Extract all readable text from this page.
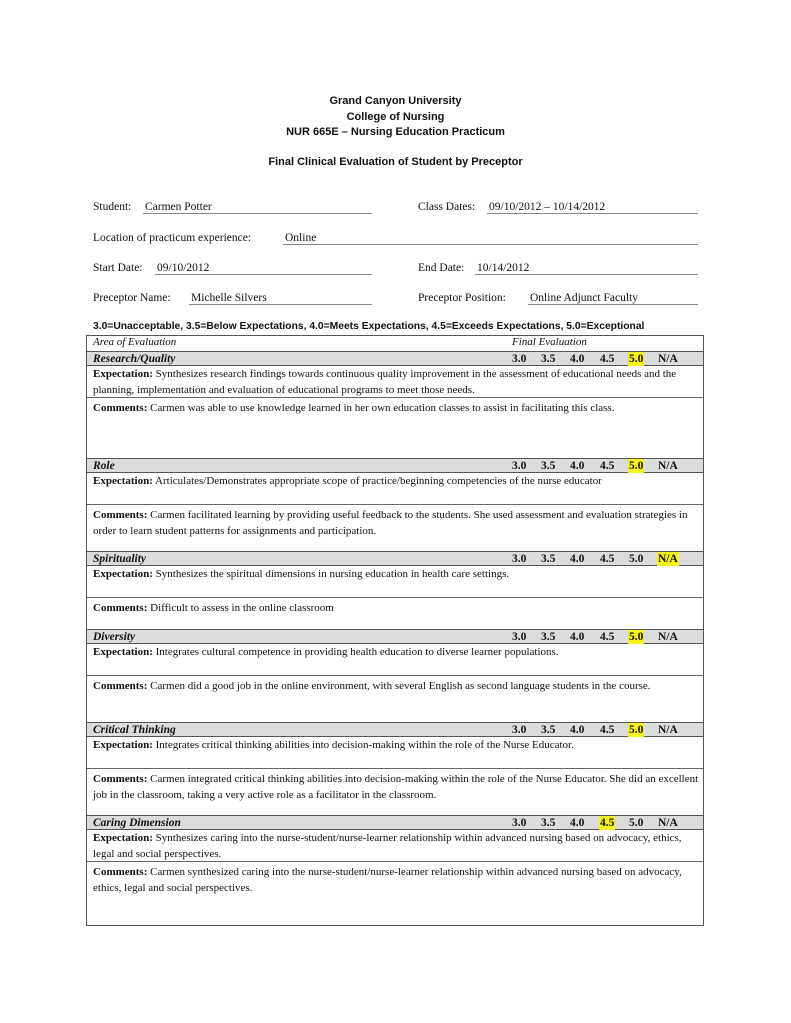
Grand Canyon University
College of Nursing
NUR 665E – Nursing Education Practicum
Final Clinical Evaluation of Student by Preceptor
Student: Carmen Potter	Class Dates: 09/10/2012 – 10/14/2012
Location of practicum experience:	Online
Start Date: 09/10/2012	End Date: 10/14/2012
Preceptor Name: Michelle Silvers	Preceptor Position: Online Adjunct Faculty
3.0=Unacceptable, 3.5=Below Expectations, 4.0=Meets Expectations, 4.5=Exceeds Expectations, 5.0=Exceptional
Area of Evaluation	Final Evaluation
Research/Quality	3.0 3.5 4.0 4.5 5.0 N/A
Expectation: Synthesizes research findings towards continuous quality improvement in the assessment of educational needs and the planning, implementation and evaluation of educational programs to meet those needs.
Comments: Carmen was able to use knowledge learned in her own education classes to assist in facilitating this class.
Role	3.0 3.5 4.0 4.5 5.0 N/A
Expectation: Articulates/Demonstrates appropriate scope of practice/beginning competencies of the nurse educator
Comments: Carmen facilitated learning by providing useful feedback to the students. She used assessment and evaluation strategies in order to learn student patterns for assignments and participation.
Spirituality	3.0 3.5 4.0 4.5 5.0 N/A
Expectation: Synthesizes the spiritual dimensions in nursing education in health care settings.
Comments: Difficult to assess in the online classroom
Diversity	3.0 3.5 4.0 4.5 5.0 N/A
Expectation: Integrates cultural competence in providing health education to diverse learner populations.
Comments: Carmen did a good job in the online environment, with several English as second language students in the course.
Critical Thinking	3.0 3.5 4.0 4.5 5.0 N/A
Expectation: Integrates critical thinking abilities into decision-making within the role of the Nurse Educator.
Comments: Carmen integrated critical thinking abilities into decision-making within the role of the Nurse Educator. She did an excellent job in the classroom, taking a very active role as a facilitator in the classroom.
Caring Dimension	3.0 3.5 4.0 4.5 5.0 N/A
Expectation: Synthesizes caring into the nurse-student/nurse-learner relationship within advanced nursing based on advocacy, ethics, legal and social perspectives.
Comments: Carmen synthesized caring into the nurse-student/nurse-learner relationship within advanced nursing based on advocacy, ethics, legal and social perspectives.
